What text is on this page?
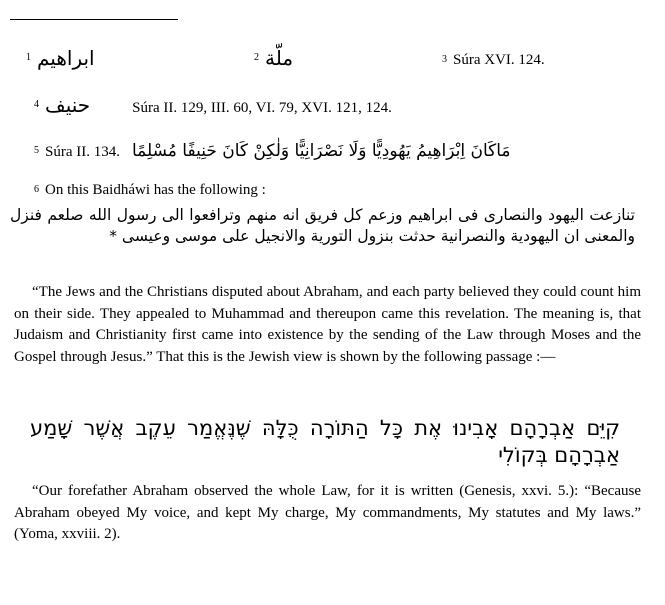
$^1$ ابراهيم	$^2$ ملّة	$^3$ Súra XVI. 124.
$^4$ حنيف	Súra II. 129, III. 60, VI. 79, XVI. 121, 124.
$^5$ Súra II. 134. مَاكَانَ اِبْرَاهِيمُ يَهُودِيًّا وَلَا نَصْرَانِيًّا وَلٰكِنْ كَانَ حَنِيفًا مُسْلِمًا
$^6$ On this Baidháwi has the following :
تنازعت اليهود والنصارى فى ابراهيم وزعم كل فريق انه منهم وترافعوا الى رسول الله صلعم فنزل والمعنى ان اليهودية والنصرانية حدثت بنزول التورية والانجيل على موسى وعيسى *
“The Jews and the Christians disputed about Abraham, and each party believed they could count him on their side. They appealed to Muhammad and thereupon came this revelation. The meaning is, that Judaism and Christianity first came into existence by the sending of the Law through Moses and the Gospel through Jesus.” That this is the Jewish view is shown by the following passage :—
קִיֵּם אַבְרָהָם אָבִינוּ אֶת כָּל הַתּוֹרָה כֻּלָּהּ שֶׁנֶּאֱמַר עֵקֶב אֲשֶׁר שָׁמַע אַבְרָהָם בְּקוֹלִי
“Our forefather Abraham observed the whole Law, for it is written (Genesis, xxvi. 5.): “Because Abraham obeyed My voice, and kept My charge, My commandments, My statutes and My laws.” (Yoma, xxviii. 2).
